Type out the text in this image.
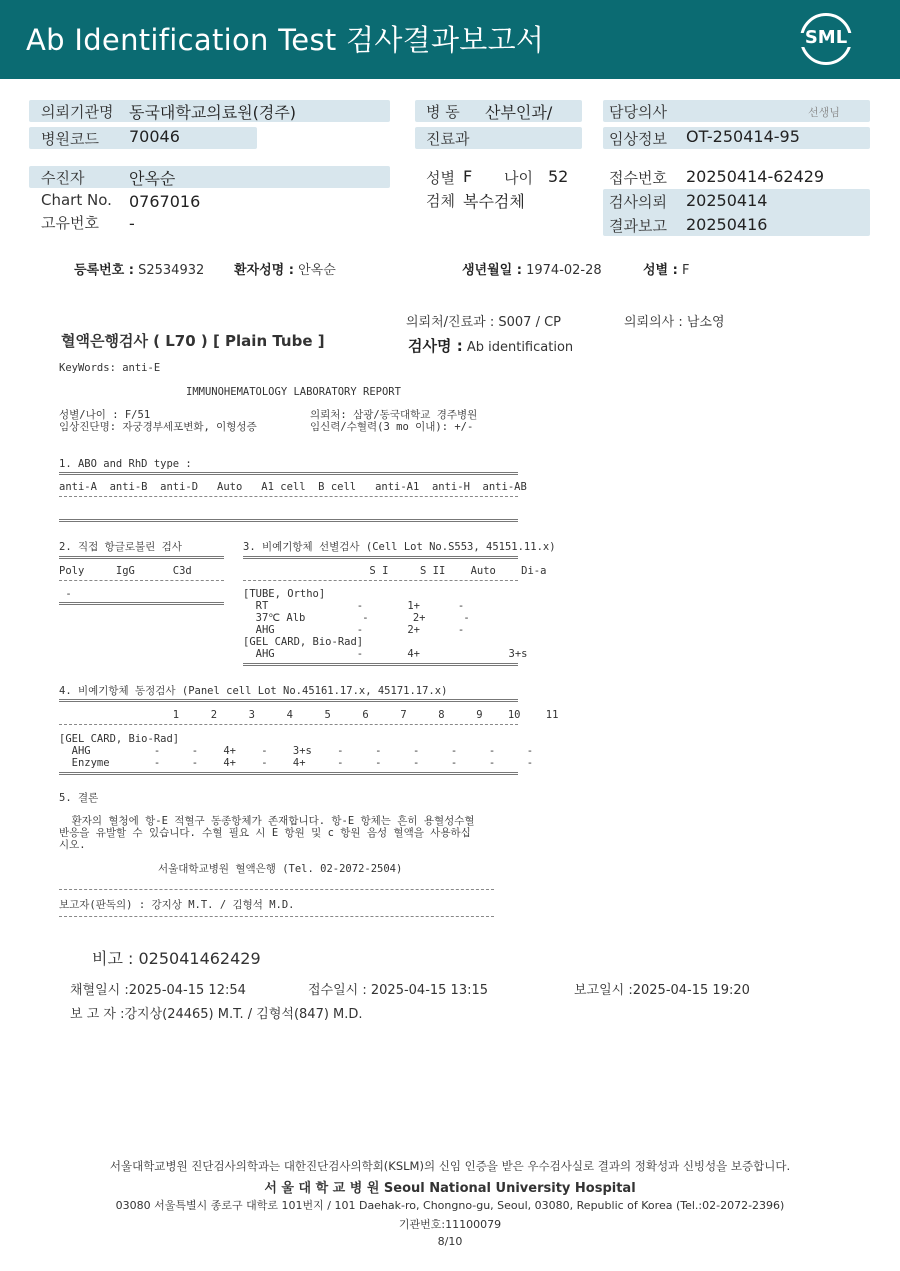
Ab Identification Test 검사결과보고서	SML
의뢰기관명 동국대학교의료원(경주)
병원코드 70046
병 동 산부인과/
진료과
담당의사	선생님
임상정보 OT-250414-95
수진자	안옥순
Chart No. 0767016
고유번호 -
성별 F 나이 52
검체 복수검체
접수번호 20250414-62429
검사의뢰 20250414
결과보고 20250416
등록번호 : S2534932 환자성명 : 안옥순	생년월일 : 1974-02-28	성별 : F
의뢰처/진료과 : S007 / CP	의뢰의사 : 남소영
혈액은행검사 ( L70 ) [ Plain Tube ]	검사명 : Ab identification
KeyWords: anti-E
IMMUNOHEMATOLOGY LABORATORY REPORT
성별/나이 : F/51	의뢰처: 삼광/동국대학교 경주병원
임상진단명: 자궁경부세포변화, 이형성증	임신력/수혈력(3 mo 이내): +/-
1. ABO and RhD type :
anti-A  anti-B  anti-D   Auto   A1 cell  B cell   anti-A1  anti-H  anti-AB
2. 직접 항글로불린 검사
Poly     IgG      C3d
-
3. 비예기항체 선별검사 (Cell Lot No.S553, 45151.11.x)
S I     S II    Auto    Di-a
[TUBE, Ortho]
RT              -       1+      -
37℃ Alb         -       2+      -
AHG             -       2+      -
[GEL CARD, Bio-Rad]
AHG             -       4+              3+s
4. 비예기항체 동정검사 (Panel cell Lot No.45161.17.x, 45171.17.x)
1     2     3     4     5     6     7     8     9    10    11
[GEL CARD, Bio-Rad]
AHG          -     -    4+    -    3+s    -     -     -     -     -     -
Enzyme       -     -    4+    -    4+     -     -     -     -     -     -
5. 결론
환자의 혈청에 항-E 적혈구 동종항체가 존재합니다. 항-E 항체는 흔히 용혈성수혈
반응을 유발할 수 있습니다. 수혈 필요 시 E 항원 및 c 항원 음성 혈액을 사용하십
시오.
서울대학교병원 혈액은행 (Tel. 02-2072-2504)
보고자(판독의) : 강지상 M.T. / 김형석 M.D.
비고 : 025041462429
채혈일시 :2025-04-15 12:54	접수일시 : 2025-04-15 13:15	보고일시 :2025-04-15 19:20
보 고 자 :강지상(24465) M.T. / 김형석(847) M.D.
서울대학교병원 진단검사의학과는 대한진단검사의학회(KSLM)의 신임 인증을 받은 우수검사실로 결과의 정확성과 신빙성을 보증합니다.
서 울 대 학 교 병 원 Seoul National University Hospital
03080 서울특별시 종로구 대학로 101번지 / 101 Daehak-ro, Chongno-gu, Seoul, 03080, Republic of Korea (Tel.:02-2072-2396)
기관번호:11100079
8/10
